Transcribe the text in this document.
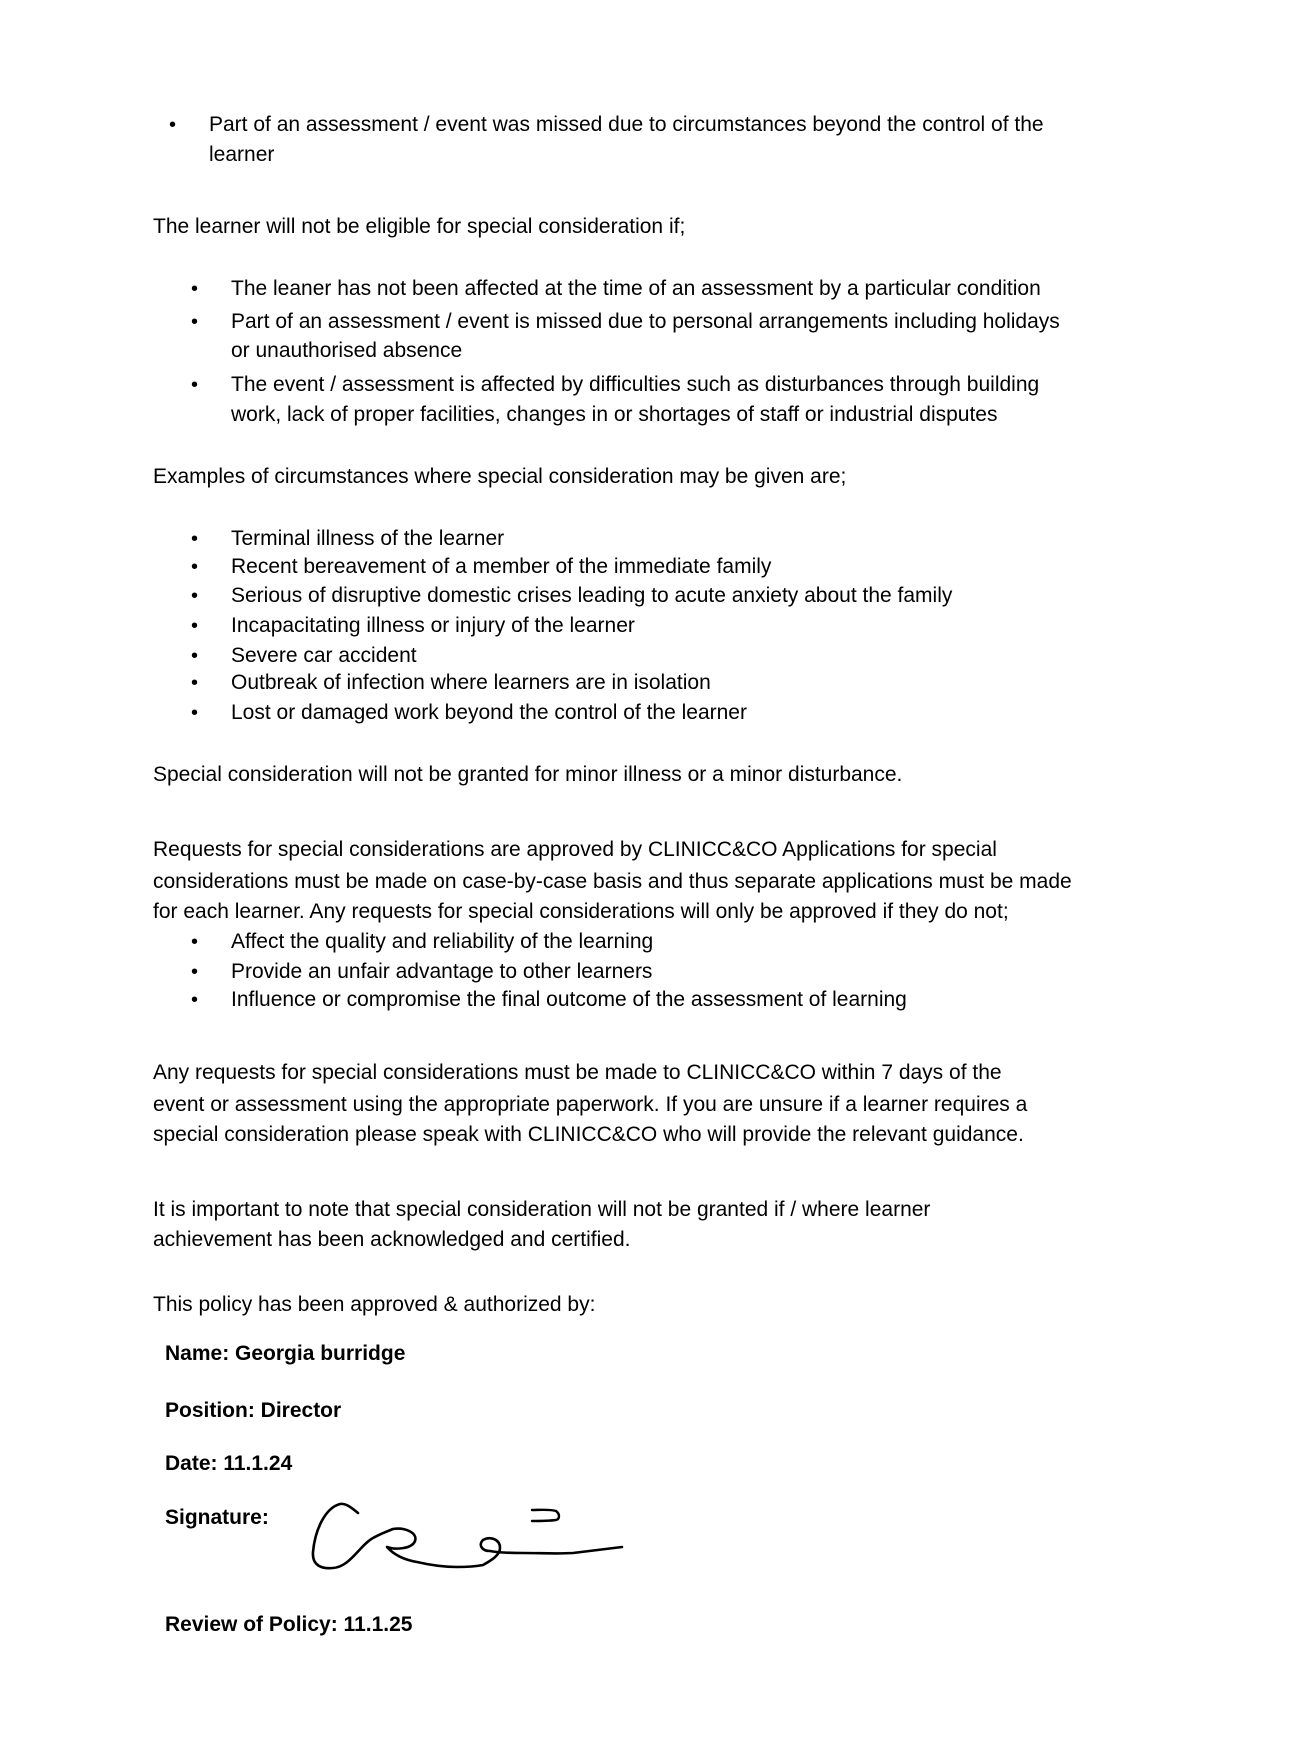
• Part of an assessment / event was missed due to circumstances beyond the control of the
learner
The learner will not be eligible for special consideration if;
• The leaner has not been affected at the time of an assessment by a particular condition
• Part of an assessment / event is missed due to personal arrangements including holidays
or unauthorised absence
• The event / assessment is affected by difficulties such as disturbances through building
work, lack of proper facilities, changes in or shortages of staff or industrial disputes
Examples of circumstances where special consideration may be given are;
• Terminal illness of the learner
• Recent bereavement of a member of the immediate family
• Serious of disruptive domestic crises leading to acute anxiety about the family
• Incapacitating illness or injury of the learner
• Severe car accident
• Outbreak of infection where learners are in isolation
• Lost or damaged work beyond the control of the learner
Special consideration will not be granted for minor illness or a minor disturbance.
Requests for special considerations are approved by CLINICC&CO Applications for special
considerations must be made on case-by-case basis and thus separate applications must be made
for each learner. Any requests for special considerations will only be approved if they do not;
• Affect the quality and reliability of the learning
• Provide an unfair advantage to other learners
• Influence or compromise the final outcome of the assessment of learning
Any requests for special considerations must be made to CLINICC&CO within 7 days of the
event or assessment using the appropriate paperwork. If you are unsure if a learner requires a
special consideration please speak with CLINICC&CO who will provide the relevant guidance.
It is important to note that special consideration will not be granted if / where learner
achievement has been acknowledged and certified.
This policy has been approved & authorized by:
Name: Georgia burridge
Position: Director
Date: 11.1.24
Signature:
Review of Policy: 11.1.25
